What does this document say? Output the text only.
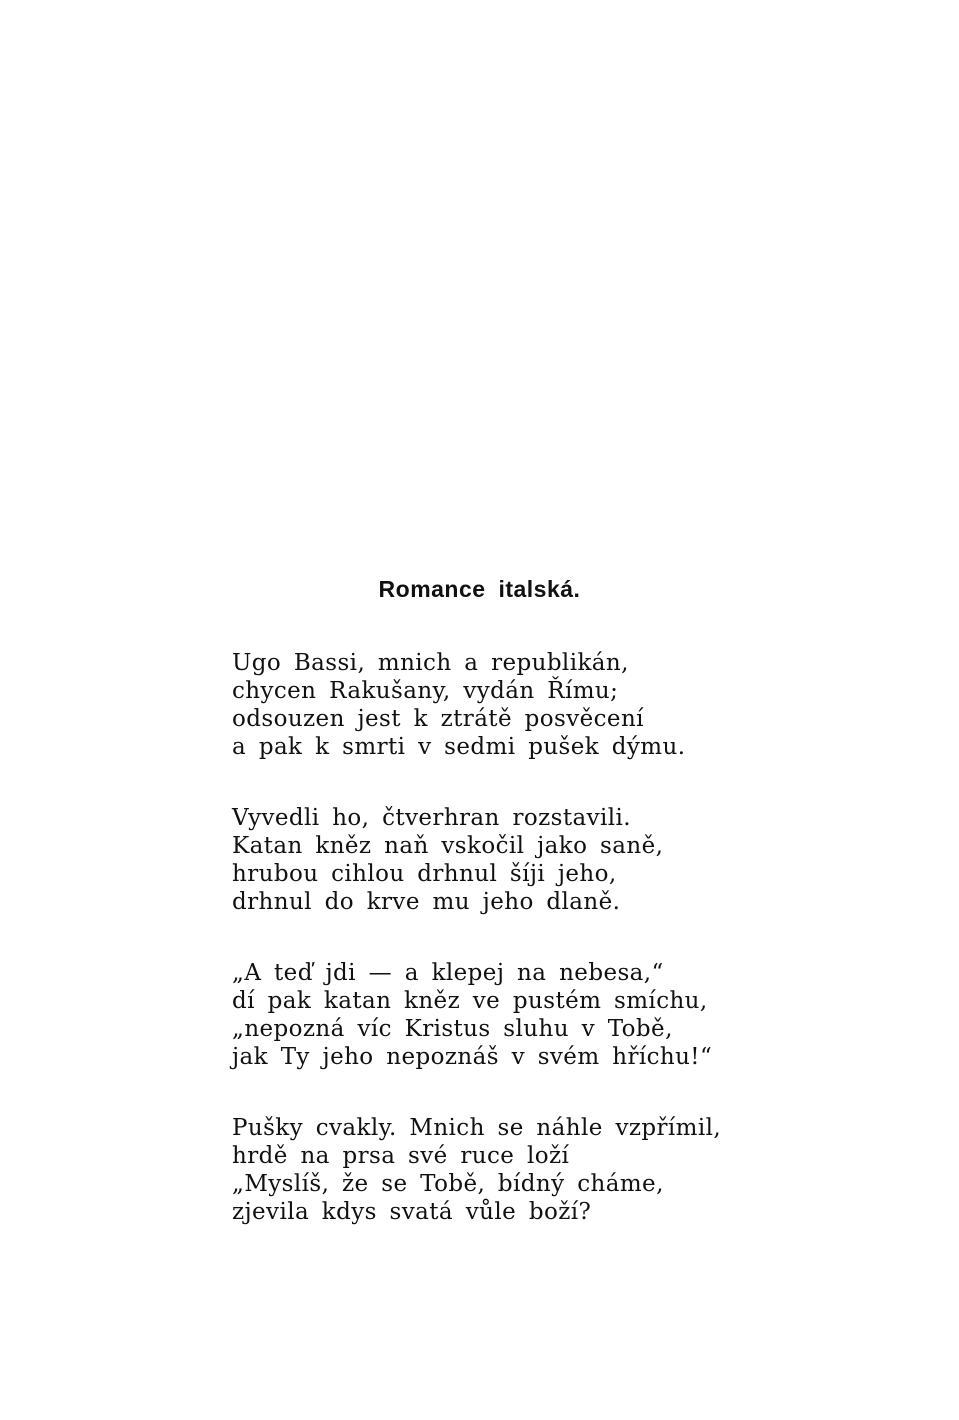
Romance italská.
Ugo Bassi, mnich a republikán,
chycen Rakušany, vydán Římu;
odsouzen jest k ztrátě posvěcení
a pak k smrti v sedmi pušek dýmu.
Vyvedli ho, čtverhran rozstavili.
Katan kněz naň vskočil jako saně,
hrubou cihlou drhnul šíji jeho,
drhnul do krve mu jeho dlaně.
„A teď jdi — a klepej na nebesa,“
dí pak katan kněz ve pustém smíchu,
„nepozná víc Kristus sluhu v Tobě,
jak Ty jeho nepoznáš v svém hříchu!“
Pušky cvakly. Mnich se náhle vzpřímil,
hrdě na prsa své ruce loží
„Myslíš, že se Tobě, bídný cháme,
zjevila kdys svatá vůle boží?
